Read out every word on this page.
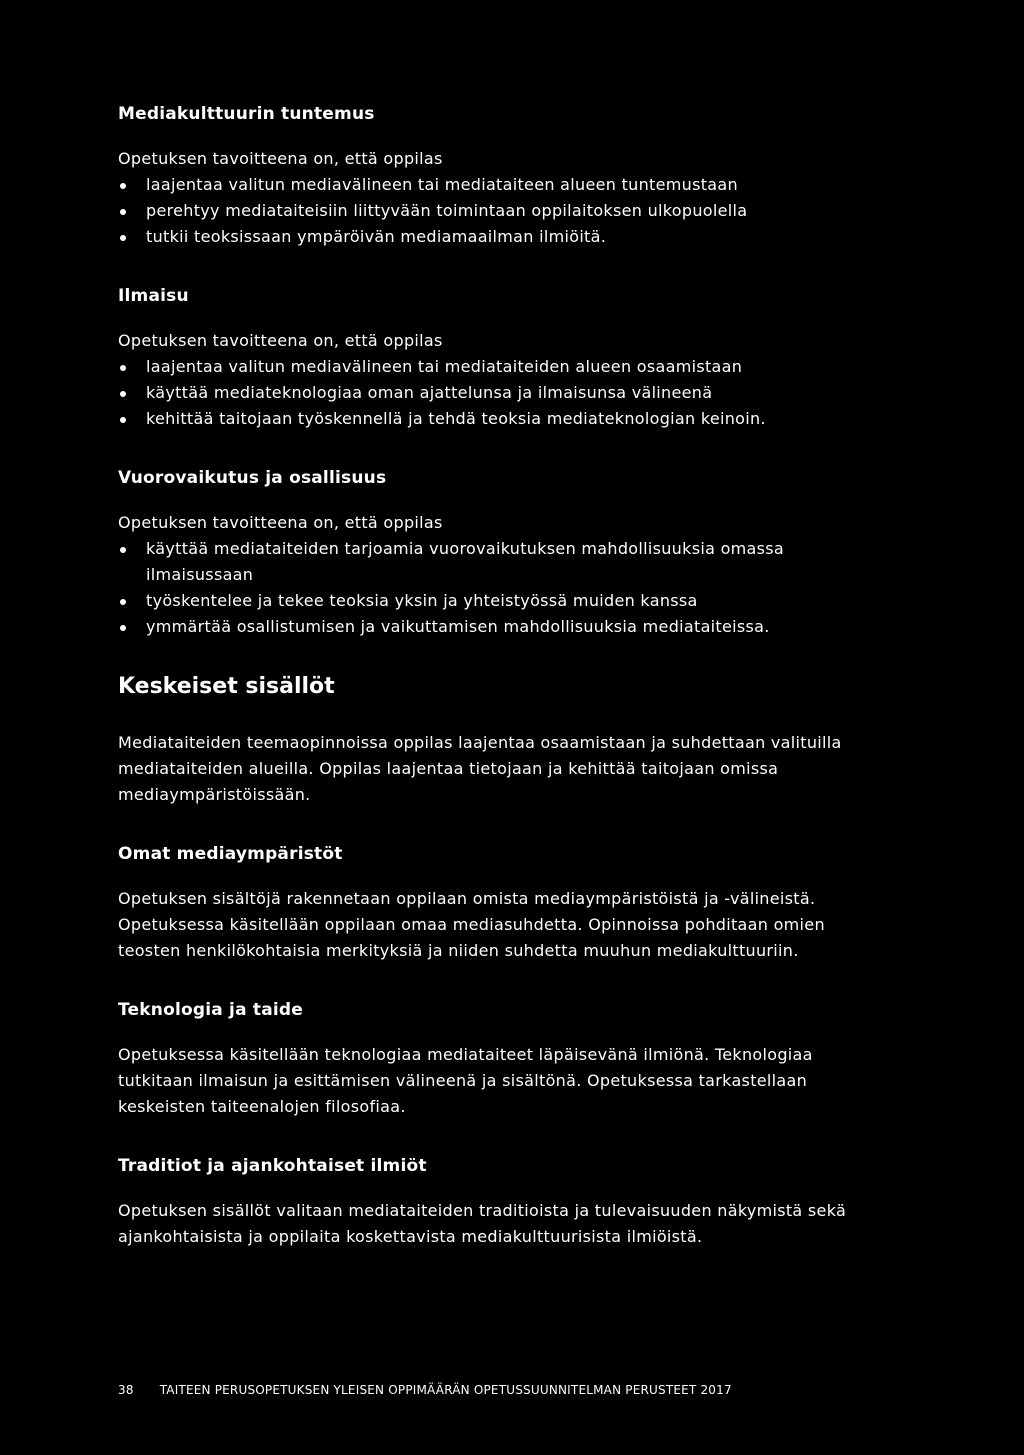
Mediakulttuurin tuntemus

Opetuksen tavoitteena on, että oppilas

laajentaa valitun mediavälineen tai mediataiteen alueen tuntemustaan
perehtyy mediataiteisiin liittyvään toimintaan oppilaitoksen ulkopuolella
tutkii teoksissaan ympäröivän mediamaailman ilmiöitä.
Ilmaisu

Opetuksen tavoitteena on, että oppilas

laajentaa valitun mediavälineen tai mediataiteiden alueen osaamistaan
käyttää mediateknologiaa oman ajattelunsa ja ilmaisunsa välineenä
kehittää taitojaan työskennellä ja tehdä teoksia mediateknologian keinoin.
Vuorovaikutus ja osallisuus

Opetuksen tavoitteena on, että oppilas

käyttää mediataiteiden tarjoamia vuorovaikutuksen mahdollisuuksia omassa ilmaisussaan
työskentelee ja tekee teoksia yksin ja yhteistyössä muiden kanssa
ymmärtää osallistumisen ja vaikuttamisen mahdollisuuksia mediataiteissa.
Keskeiset sisällöt

Mediataiteiden teemaopinnoissa oppilas laajentaa osaamistaan ja suhdettaan valituilla mediataiteiden alueilla. Oppilas laajentaa tietojaan ja kehittää taitojaan omissa mediaympäristöissään.

Omat mediaympäristöt

Opetuksen sisältöjä rakennetaan oppilaan omista mediaympäristöistä ja -välineistä. Opetuksessa käsitellään oppilaan omaa mediasuhdetta. Opinnoissa pohditaan omien teosten henkilökohtaisia merkityksiä ja niiden suhdetta muuhun mediakulttuuriin.

Teknologia ja taide

Opetuksessa käsitellään teknologiaa mediataiteet läpäisevänä ilmiönä. Teknologiaa tutkitaan ilmaisun ja esittämisen välineenä ja sisältönä. Opetuksessa tarkastellaan keskeisten taiteenalojen filosofiaa.

Traditiot ja ajankohtaiset ilmiöt

Opetuksen sisällöt valitaan mediataiteiden traditioista ja tulevaisuuden näkymistä sekä ajankohtaisista ja oppilaita koskettavista mediakulttuurisista ilmiöistä.

38 TAITEEN PERUSOPETUKSEN YLEISEN OPPIMÄÄRÄN OPETUSSUUNNITELMAN PERUSTEET 2017
